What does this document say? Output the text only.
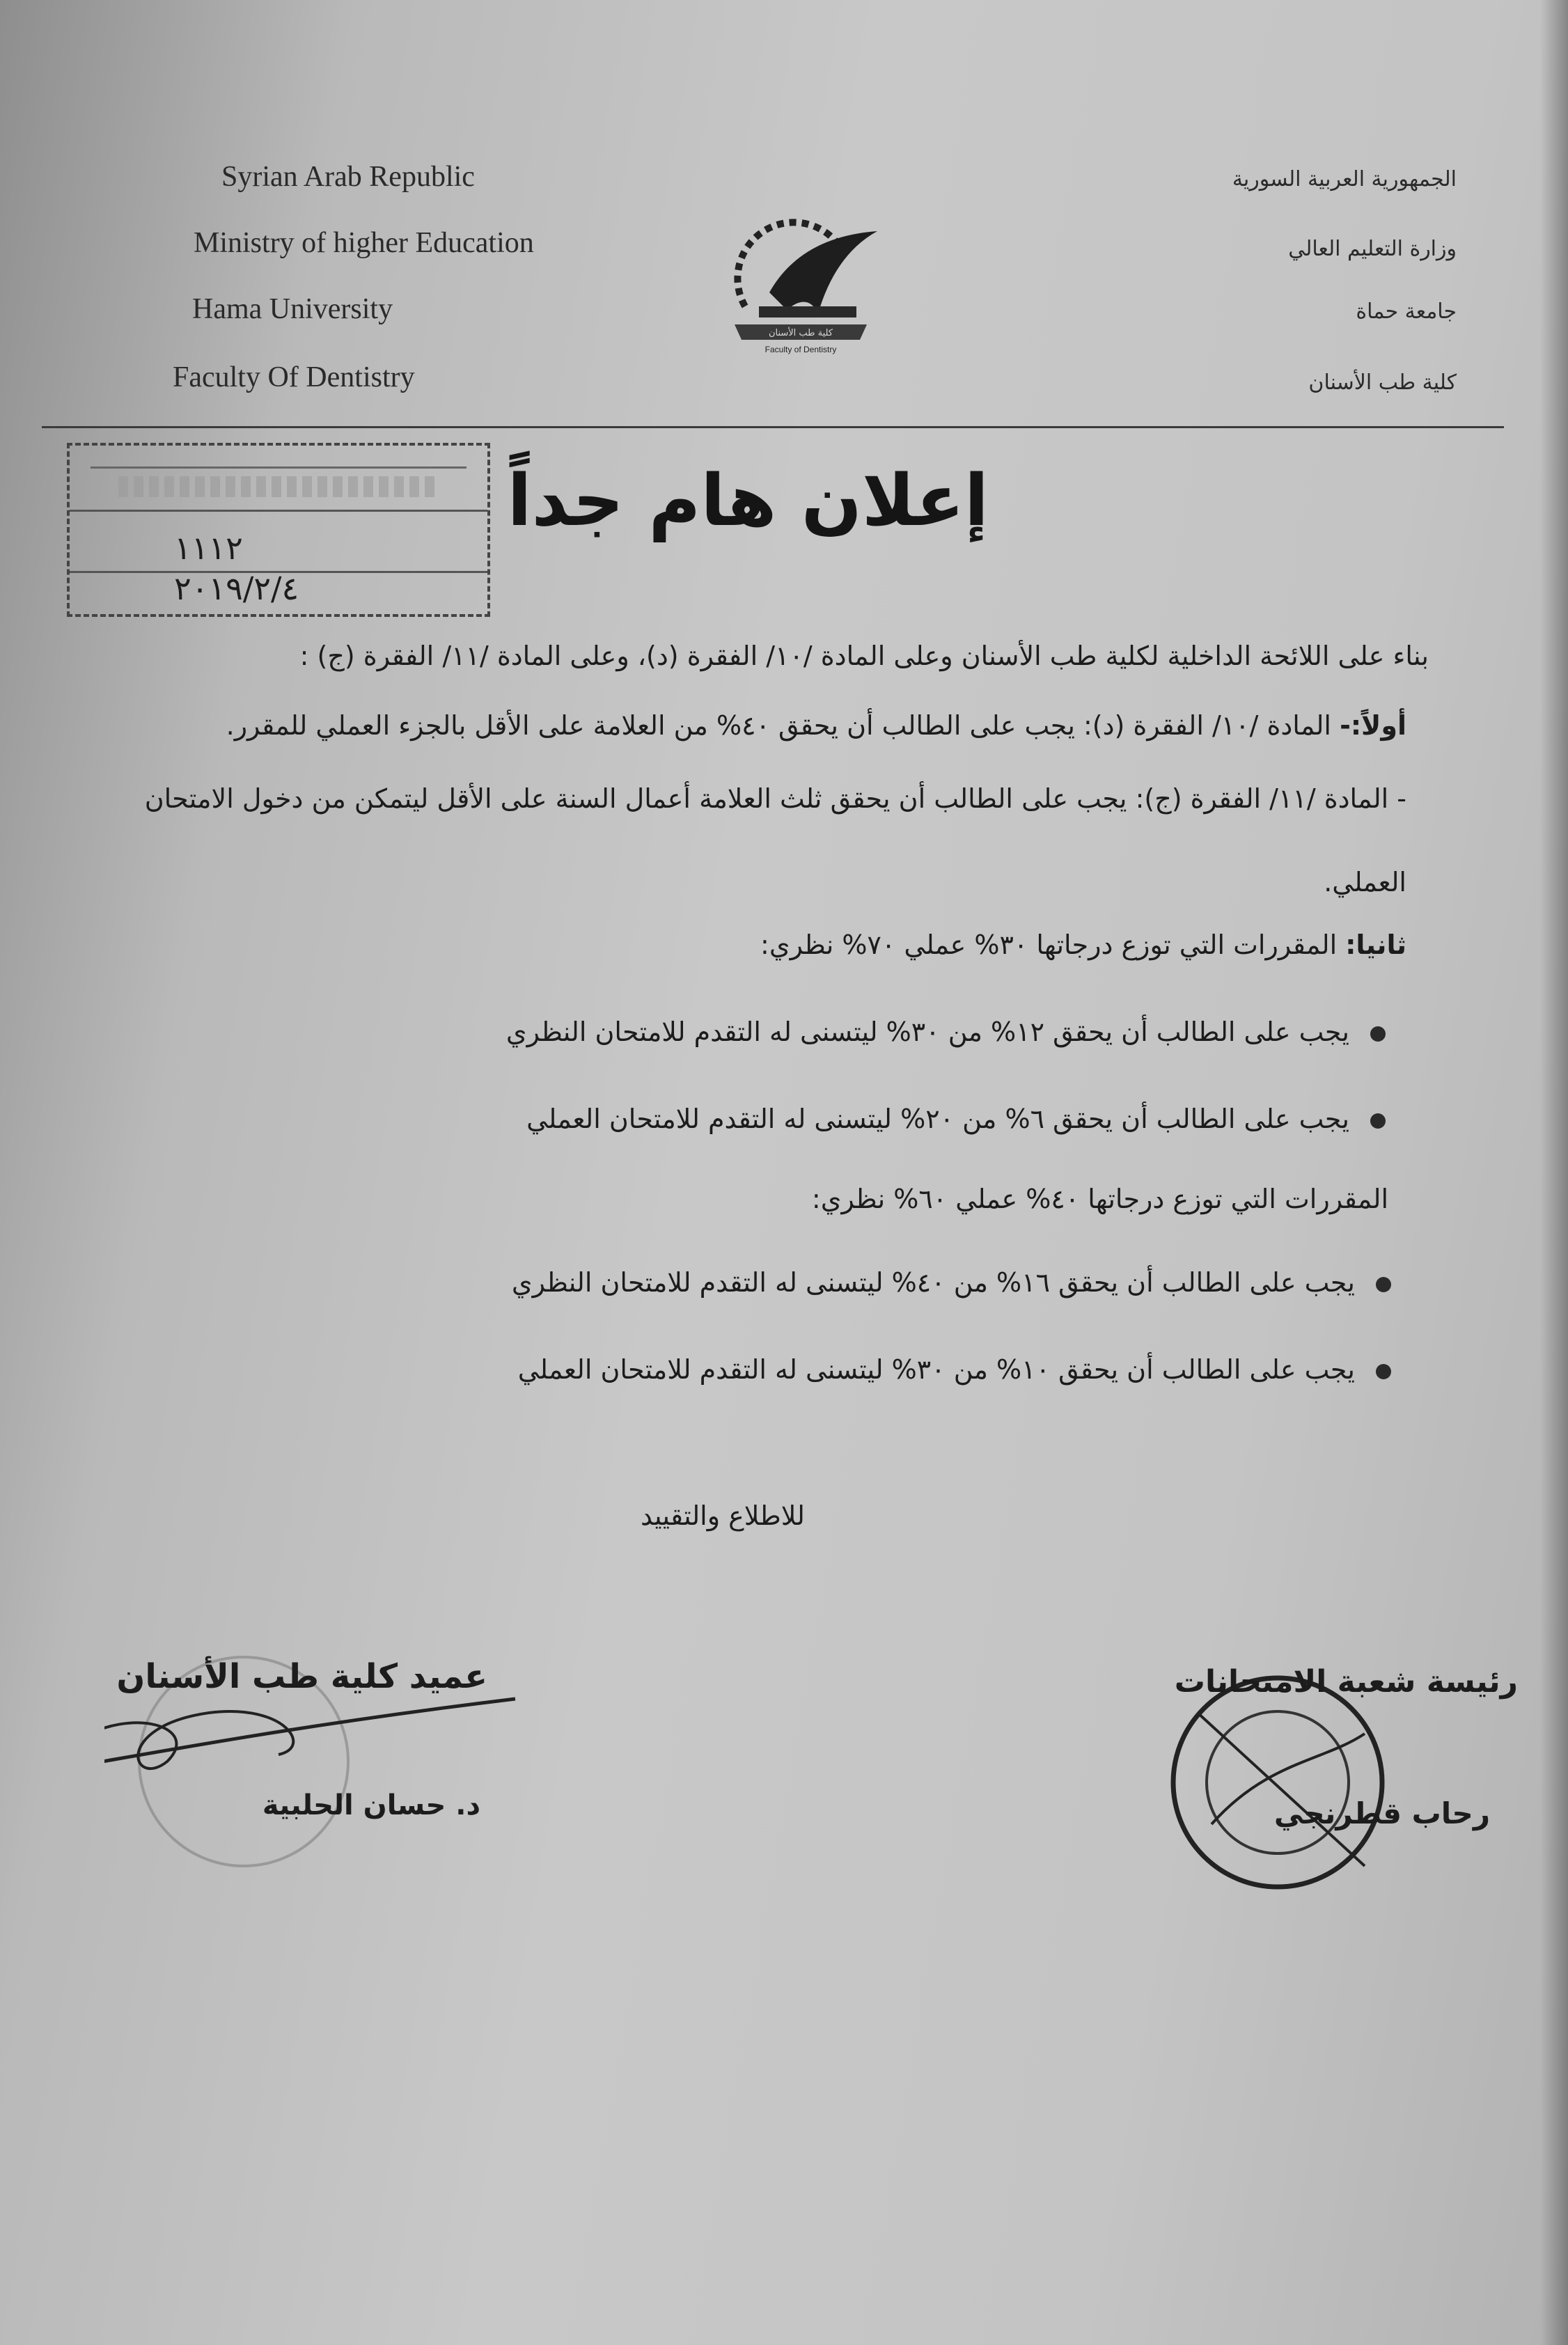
Syrian Arab Republic
Ministry of higher Education
Hama University
Faculty Of Dentistry
الجمهورية العربية السورية
وزارة التعليم العالي
جامعة حماة
كلية طب الأسنان
كلية طب الأسنان
Faculty of Dentistry
١١١٢
٢٠١٩/٢/٤
إعلان هام جداً
بناء على اللائحة الداخلية لكلية طب الأسنان وعلى المادة /١٠/ الفقرة (د)، وعلى المادة /١١/ الفقرة (ج) :
أولاً:- المادة /١٠/ الفقرة (د): يجب على الطالب أن يحقق ٤٠% من العلامة على الأقل بالجزء العملي للمقرر.
- المادة /١١/ الفقرة (ج): يجب على الطالب أن يحقق ثلث العلامة أعمال السنة على الأقل ليتمكن من دخول الامتحان
العملي.
ثانيا: المقررات التي توزع درجاتها ٣٠% عملي ٧٠% نظري:
يجب على الطالب أن يحقق ١٢% من ٣٠% ليتسنى له التقدم للامتحان النظري
يجب على الطالب أن يحقق ٦% من ٢٠% ليتسنى له التقدم للامتحان العملي
المقررات التي توزع درجاتها ٤٠% عملي ٦٠% نظري:
يجب على الطالب أن يحقق ١٦% من ٤٠% ليتسنى له التقدم للامتحان النظري
يجب على الطالب أن يحقق ١٠% من ٣٠% ليتسنى له التقدم للامتحان العملي
للاطلاع والتقييد
عميد كلية طب الأسنان
د. حسان الحلبية
رئيسة شعبة الامتحانات
رحاب قطرنجي
